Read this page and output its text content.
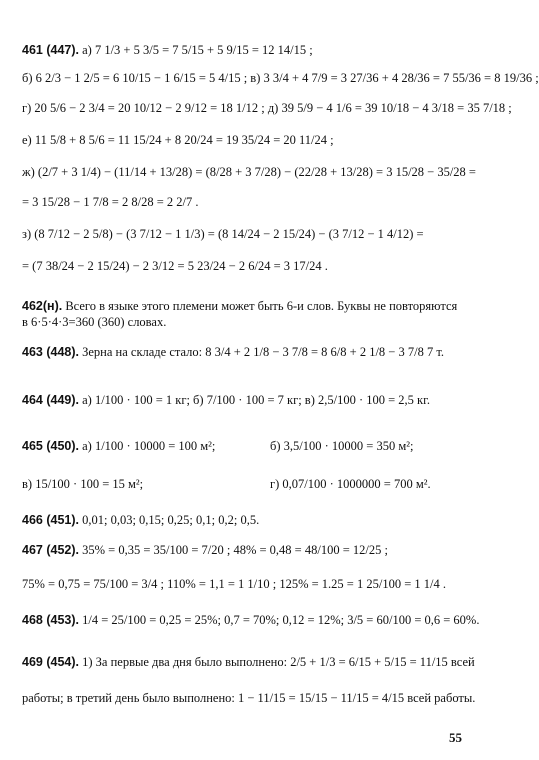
461 (447). а) 7 1/3 + 5 3/5 = 7 5/15 + 5 9/15 = 12 14/15 ;
б) 6 2/3 − 1 2/5 = 6 10/15 − 1 6/15 = 5 4/15 ; в) 3 3/4 + 4 7/9 = 3 27/36 + 4 28/36 = 7 55/36 = 8 19/36 ;
г) 20 5/6 − 2 3/4 = 20 10/12 − 2 9/12 = 18 1/12 ; д) 39 5/9 − 4 1/6 = 39 10/18 − 4 3/18 = 35 7/18 ;
е) 11 5/8 + 8 5/6 = 11 15/24 + 8 20/24 = 19 35/24 = 20 11/24 ;
ж) (2/7 + 3 1/4) − (11/14 + 13/28) = (8/28 + 3 7/28) − (22/28 + 13/28) = 3 15/28 − 35/28 =
= 3 15/28 − 1 7/8 = 2 8/28 = 2 2/7 .
з) (8 7/12 − 2 5/8) − (3 7/12 − 1 1/3) = (8 14/24 − 2 15/24) − (3 7/12 − 1 4/12) =
= (7 38/24 − 2 15/24) − 2 3/12 = 5 23/24 − 2 6/24 = 3 17/24 .
462(н). Всего в языке этого племени может быть 6-и слов. Буквы не повторяются в 6·5·4·3=360 (360) словах.
463 (448). Зерна на складе стало: 8 3/4 + 2 1/8 − 3 7/8 = 8 6/8 + 2 1/8 − 3 7/8 7 т.
464 (449). а) 1/100 · 100 = 1 кг; б) 7/100 · 100 = 7 кг; в) 2,5/100 · 100 = 2,5 кг.
465 (450). а) 1/100 · 10000 = 100 м²;	б) 3,5/100 · 10000 = 350 м²;
в) 15/100 · 100 = 15 м²;	г) 0,07/100 · 1000000 = 700 м².
466 (451). 0,01; 0,03; 0,15; 0,25; 0,1; 0,2; 0,5.
467 (452). 35% = 0,35 = 35/100 = 7/20 ; 48% = 0,48 = 48/100 = 12/25 ;
75% = 0,75 = 75/100 = 3/4 ; 110% = 1,1 = 1 1/10 ; 125% = 1.25 = 1 25/100 = 1 1/4 .
468 (453). 1/4 = 25/100 = 0,25 = 25%; 0,7 = 70%; 0,12 = 12%; 3/5 = 60/100 = 0,6 = 60%.
469 (454). 1) За первые два дня было выполнено: 2/5 + 1/3 = 6/15 + 5/15 = 11/15 всей
работы; в третий день было выполнено: 1 − 11/15 = 15/15 − 11/15 = 4/15 всей работы.
55
